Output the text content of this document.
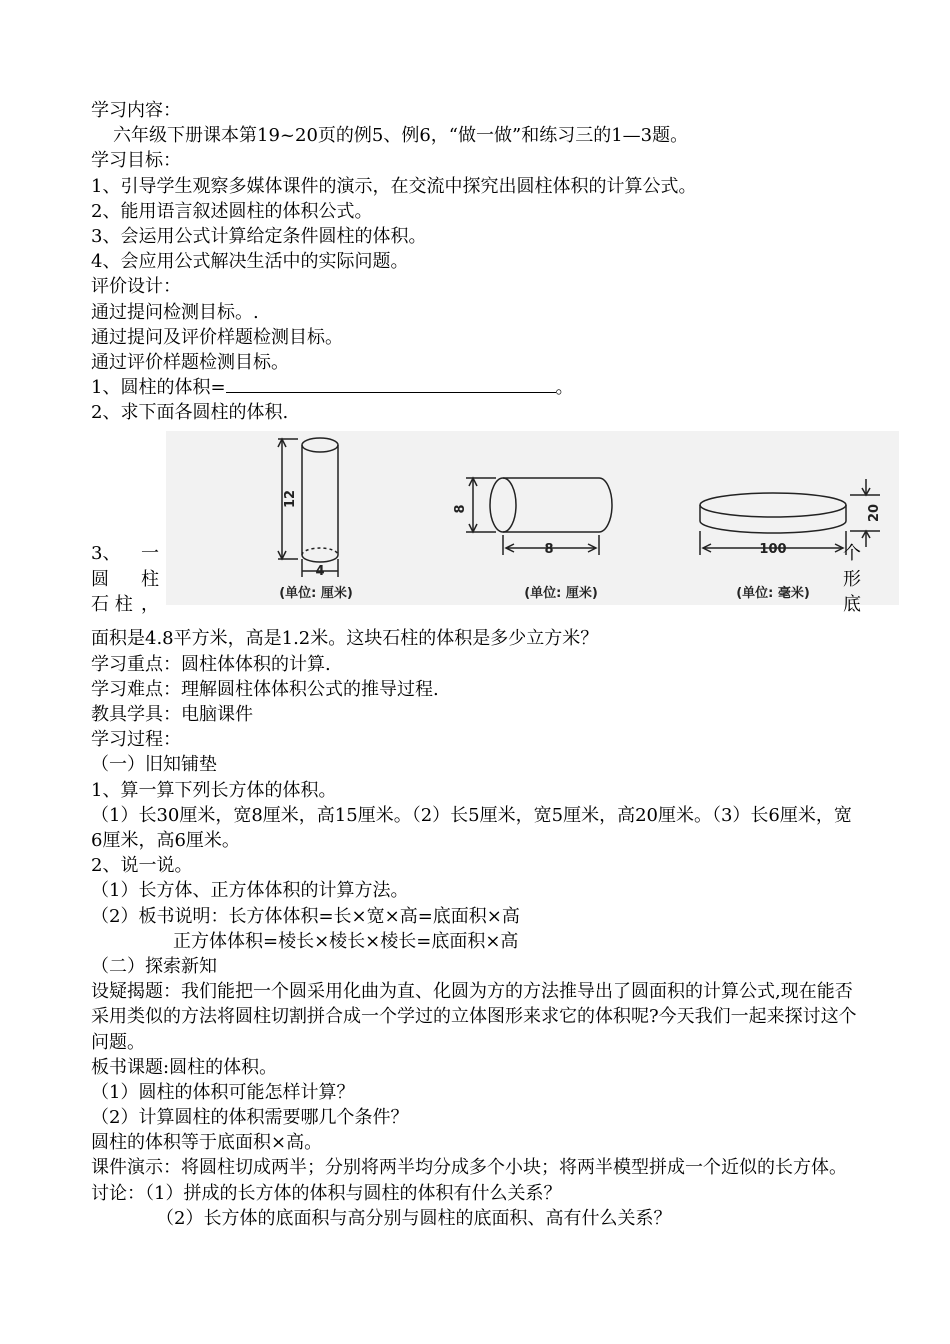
学习内容：
六年级下册课本第19~20页的例5、例6，“做一做”和练习三的1—3题。
学习目标：
1、引导学生观察多媒体课件的演示，在交流中探究出圆柱体积的计算公式。
2、能用语言叙述圆柱的体积公式。
3、会运用公式计算给定条件圆柱的体积。
4、会应用公式解决生活中的实际问题。
评价设计：
通过提问检测目标。.
通过提问及评价样题检测目标。
通过评价样题检测目标。
1、圆柱的体积=	。
2、求下面各圆柱的体积.
12
4
(单位: 厘米)
8
8
(单位: 厘米)
100
20
(单位: 毫米)
3、 一
圆 柱
石 柱 ，
个
形
底
面积是4.8平方米，高是1.2米。这块石柱的体积是多少立方米？
学习重点：圆柱体体积的计算.
学习难点：理解圆柱体体积公式的推导过程.
教具学具：电脑课件
学习过程：
（一）旧知铺垫
1、算一算下列长方体的体积。
（1）长30厘米，宽8厘米，高15厘米。（2）长5厘米，宽5厘米，高20厘米。（3）长6厘米，宽6厘米，高6厘米。
2、说一说。
（1）长方体、正方体体积的计算方法。
（2）板书说明：长方体体积=长×宽×高=底面积×高
正方体体积=棱长×棱长×棱长=底面积×高
（二）探索新知
设疑揭题：我们能把一个圆采用化曲为直、化圆为方的方法推导出了圆面积的计算公式,现在能否采用类似的方法将圆柱切割拼合成一个学过的立体图形来求它的体积呢?今天我们一起来探讨这个问题。
板书课题:圆柱的体积。
（1）圆柱的体积可能怎样计算？
（2）计算圆柱的体积需要哪几个条件？
圆柱的体积等于底面积×高。
课件演示：将圆柱切成两半；分别将两半均分成多个小块；将两半模型拼成一个近似的长方体。
讨论：（1）拼成的长方体的体积与圆柱的体积有什么关系？
（2）长方体的底面积与高分别与圆柱的底面积、高有什么关系？
